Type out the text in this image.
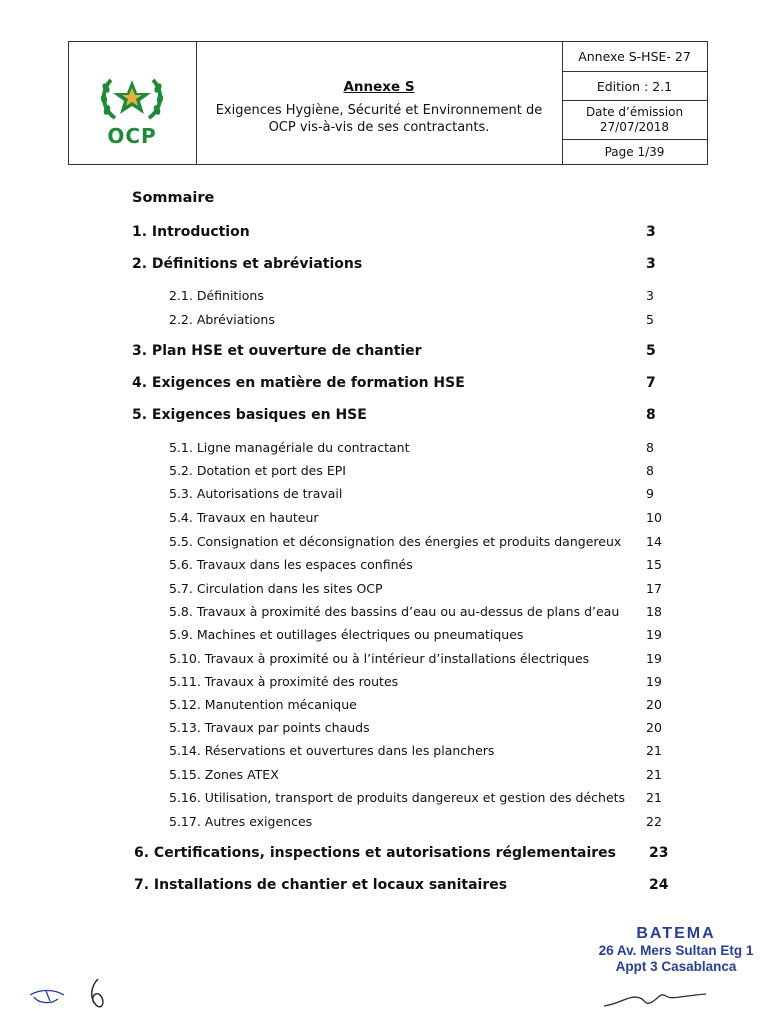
OCP
Annexe S
Exigences Hygiène, Sécurité et Environnement de
OCP vis-à-vis de ses contractants.
Annexe S-HSE- 27
Edition : 2.1
Date d’émission
27/07/2018
Page 1/39
Sommaire
1. Introduction	3
2. Définitions et abréviations	3
2.1. Définitions	3
2.2. Abréviations	5
3. Plan HSE et ouverture de chantier	5
4. Exigences en matière de formation HSE	7
5. Exigences basiques en HSE	8
5.1. Ligne managériale du contractant	8
5.2. Dotation et port des EPI	8
5.3. Autorisations de travail	9
5.4. Travaux en hauteur	10
5.5. Consignation et déconsignation des énergies et produits dangereux 14
5.6. Travaux dans les espaces confinés	15
5.7. Circulation dans les sites OCP	17
5.8. Travaux à proximité des bassins d’eau ou au-dessus de plans d’eau 18
5.9. Machines et outillages électriques ou pneumatiques	19
5.10. Travaux à proximité ou à l’intérieur d’installations électriques	19
5.11. Travaux à proximité des routes	19
5.12. Manutention mécanique	20
5.13. Travaux par points chauds	20
5.14. Réservations et ouvertures dans les planchers	21
5.15. Zones ATEX	21
5.16. Utilisation, transport de produits dangereux et gestion des déchets 21
5.17. Autres exigences	22
6. Certifications, inspections et autorisations réglementaires 23
7. Installations de chantier et locaux sanitaires	24
BATEMA
26 Av. Mers Sultan Etg 1
Appt 3 Casablanca
